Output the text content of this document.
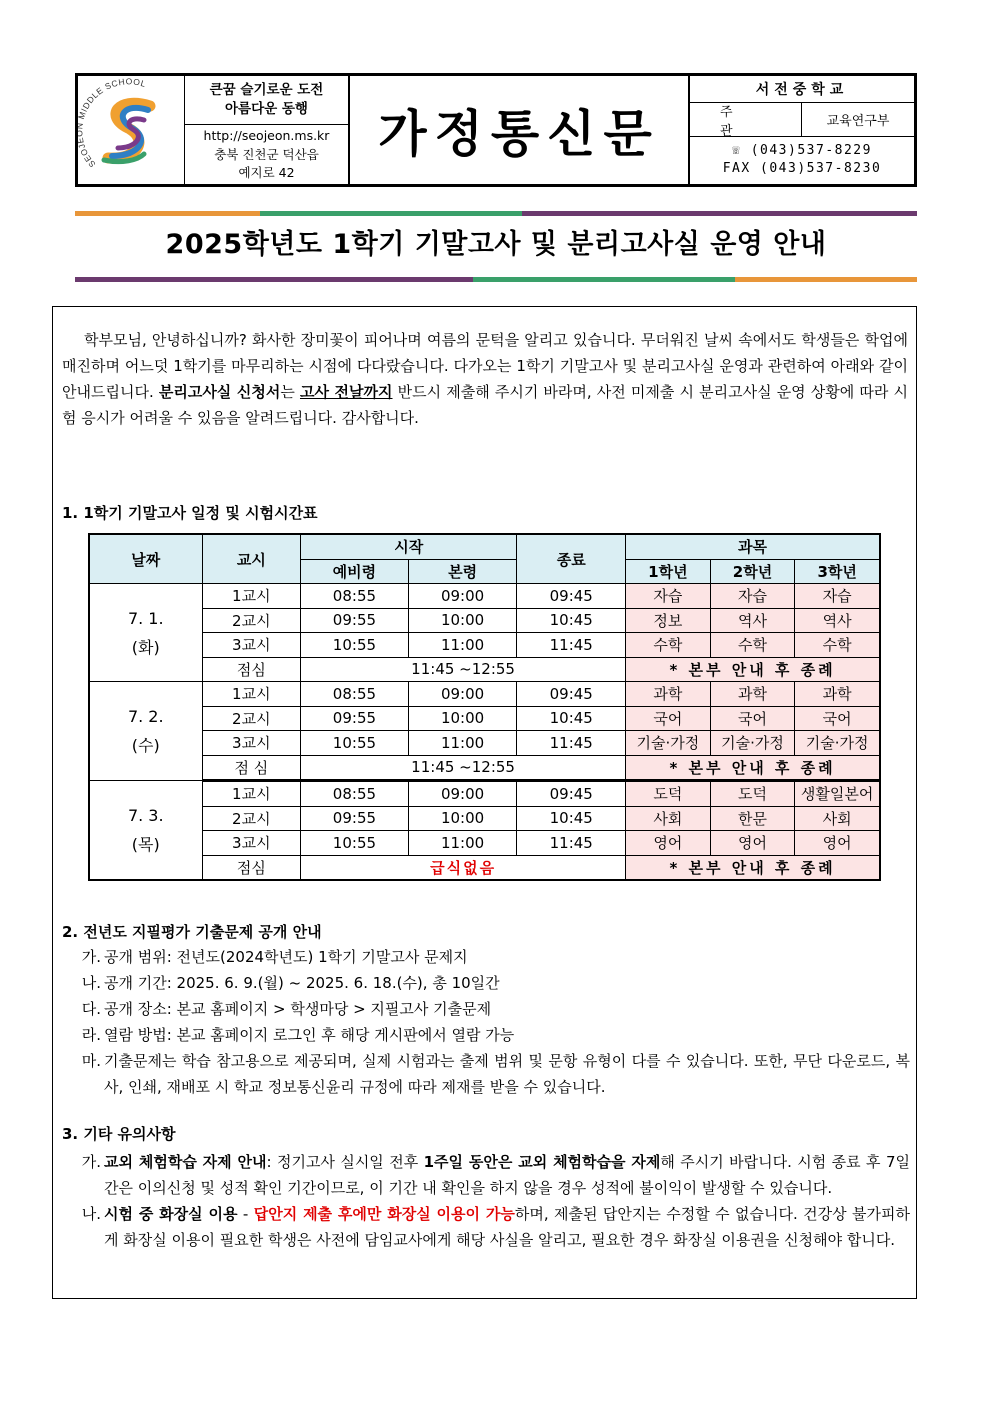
SEO IDDLE SCHOOL	큰꿈 슬기로운 도전
아름다운 동행
http://seojeon.ms.kr
충북 진천군 덕산읍
예지로 42
가정통신문
서전중학교
주관
교육연구부
☏ (043)537-8229
FAX (043)537-8230
2025학년도 1학기 기말고사 및 분리고사실 운영 안내

학부모님, 안녕하십니까? 화사한 장미꽃이 피어나며 여름의 문턱을 알리고 있습니다. 무더워진 날씨 속에서도 학생들은 학업에 매진하며 어느덧 1학기를 마무리하는 시점에 다다랐습니다. 다가오는 1학기 기말고사 및 분리고사실 운영과 관련하여 아래와 같이 안내드립니다. 분리고사실 신청서는 고사 전날까지 반드시 제출해 주시기 바라며, 사전 미제출 시 분리고사실 운영 상황에 따라 시험 응시가 어려울 수 있음을 알려드립니다. 감사합니다.

1. 1학기 기말고사 일정 및 시험시간표
날짜	교시	시작		종료	과목		
		예비령	본령		1학년	2학년	3학년

7. 1.
(화)	1교시	08:55	09:00	09:45	자습	자습	자습
	2교시	09:55	10:00	10:45	정보	역사	역사
	3교시	10:55	11:00	11:45	수학	수학	수학
	점심	11:45 ~12:55			* 본부 안내 후 종례		

7. 2.
(수)	1교시	08:55	09:00	09:45	과학	과학	과학
	2교시	09:55	10:00	10:45	국어	국어	국어
	3교시	10:55	11:00	11:45	기술·가정	기술·가정	기술·가정
	점 심	11:45 ~12:55			* 본부 안내 후 종례		

7. 3.
(목)	1교시	08:55	09:00	09:45	도덕	도덕	생활일본어
	2교시	09:55	10:00	10:45	사회	한문	사회
	3교시	10:55	11:00	11:45	영어	영어	영어
	점심	급식없음			* 본부 안내 후 종례		
2. 전년도 지필평가 기출문제 공개 안내
가. 공개 범위: 전년도(2024학년도) 1학기 기말고사 문제지
나. 공개 기간: 2025. 6. 9.(월) ~ 2025. 6. 18.(수), 총 10일간
다. 공개 장소: 본교 홈페이지 > 학생마당 > 지필고사 기출문제
라. 열람 방법: 본교 홈페이지 로그인 후 해당 게시판에서 열람 가능
마. 기출문제는 학습 참고용으로 제공되며, 실제 시험과는 출제 범위 및 문항 유형이 다를 수 있습니다. 또한, 무단 다운로드, 복사, 인쇄, 재배포 시 학교 정보통신윤리 규정에 따라 제재를 받을 수 있습니다.
3. 기타 유의사항
가. 교외 체험학습 자제 안내: 정기고사 실시일 전후 1주일 동안은 교외 체험학습을 자제해 주시기 바랍니다. 시험 종료 후 7일간은 이의신청 및 성적 확인 기간이므로, 이 기간 내 확인을 하지 않을 경우 성적에 불이익이 발생할 수 있습니다.
나. 시험 중 화장실 이용 - 답안지 제출 후에만 화장실 이용이 가능하며, 제출된 답안지는 수정할 수 없습니다. 건강상 불가피하게 화장실 이용이 필요한 학생은 사전에 담임교사에게 해당 사실을 알리고, 필요한 경우 화장실 이용권을 신청해야 합니다.
